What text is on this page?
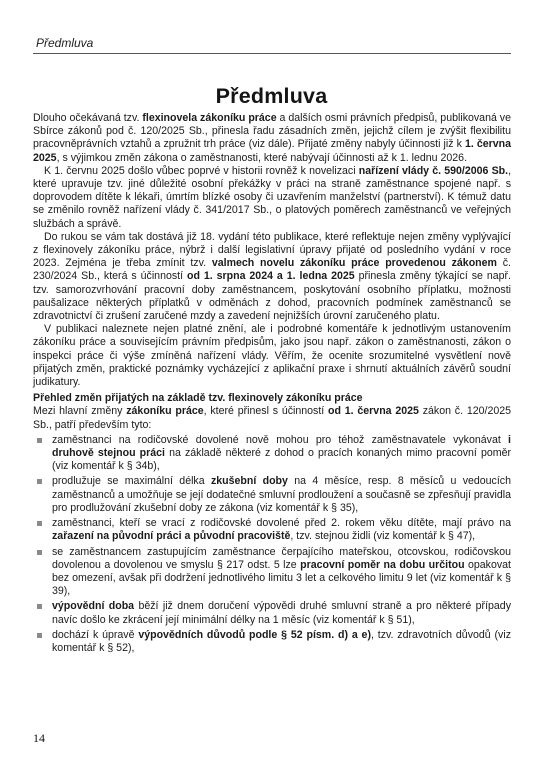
Předmluva
Předmluva

Dlouho očekávaná tzv. flexinovela zákoníku práce a dalších osmi právních předpisů, publikovaná ve Sbírce zákonů pod č. 120/2025 Sb., přinesla řadu zásadních změn, jejichž cílem je zvýšit flexibilitu pracovněprávních vztahů a zpružnit trh práce (viz dále). Přijaté změny nabyly účinnosti již k 1. června 2025, s výjimkou změn zákona o zaměstnanosti, které nabývají účinnosti až k 1. lednu 2026.

K 1. červnu 2025 došlo vůbec poprvé v historii rovněž k novelizaci nařízení vlády č. 590/2006 Sb., které upravuje tzv. jiné důležité osobní překážky v práci na straně zaměstnance spojené např. s doprovodem dítěte k lékaři, úmrtím blízké osoby či uzavřením manželství (partnerství). K témuž datu se změnilo rovněž nařízení vlády č. 341/2017 Sb., o platových poměrech zaměstnanců ve veřejných službách a správě.

Do rukou se vám tak dostává již 18. vydání této publikace, které reflektuje nejen změny vyplývající z flexinovely zákoníku práce, nýbrž i další legislativní úpravy přijaté od posledního vydání v roce 2023. Zejména je třeba zmínit tzv. valmech novelu zákoníku práce provedenou zákonem č. 230/2024 Sb., která s účinností od 1. srpna 2024 a 1. ledna 2025 přinesla změny týkající se např. tzv. samorozvrhování pracovní doby zaměstnancem, poskytování osobního příplatku, možnosti paušalizace některých příplatků v odměnách z dohod, pracovních podmínek zaměstnanců se zdravotnictví či zrušení zaručené mzdy a zavedení nejnižších úrovní zaručeného platu.

V publikaci naleznete nejen platné znění, ale i podrobné komentáře k jednotlivým ustanovením zákoníku práce a souvisejícím právním předpisům, jako jsou např. zákon o zaměstnanosti, zákon o inspekci práce či výše zmíněná nařízení vlády. Věřím, že ocenite srozumitelné vysvětlení nově přijatých změn, praktické poznámky vycházející z aplikační praxe i shrnutí aktuálních závěrů soudní judikatury.

Přehled změn přijatých na základě tzv. flexinovely zákoníku práce

Mezi hlavní změny zákoníku práce, které přinesl s účinností od 1. června 2025 zákon č. 120/2025 Sb., patří především tyto:

zaměstnanci na rodičovské dovolené nově mohou pro téhož zaměstnavatele vykonávat i druhově stejnou práci na základě některé z dohod o pracích konaných mimo pracovní poměr (viz komentář k § 34b),
prodlužuje se maximální délka zkušební doby na 4 měsíce, resp. 8 měsíců u vedoucích zaměstnanců a umožňuje se její dodatečné smluvní prodloužení a současně se zpřesňují pravidla pro prodlužování zkušební doby ze zákona (viz komentář k § 35),
zaměstnanci, kteří se vrací z rodičovské dovolené před 2. rokem věku dítěte, mají právo na zařazení na původní práci a původní pracoviště, tzv. stejnou židli (viz komentář k § 47),
se zaměstnancem zastupujícím zaměstnance čerpajícího mateřskou, otcovskou, rodičovskou dovolenou a dovolenou ve smyslu § 217 odst. 5 lze pracovní poměr na dobu určitou opakovat bez omezení, avšak při dodržení jednotlivého limitu 3 let a celkového limitu 9 let (viz komentář k § 39),
výpovědní doba běží již dnem doručení výpovědi druhé smluvní straně a pro některé případy navíc došlo ke zkrácení její minimální délky na 1 měsíc (viz komentář k § 51),
dochází k úpravě výpovědních důvodů podle § 52 písm. d) a e), tzv. zdravotních důvodů (viz komentář k § 52),
14
